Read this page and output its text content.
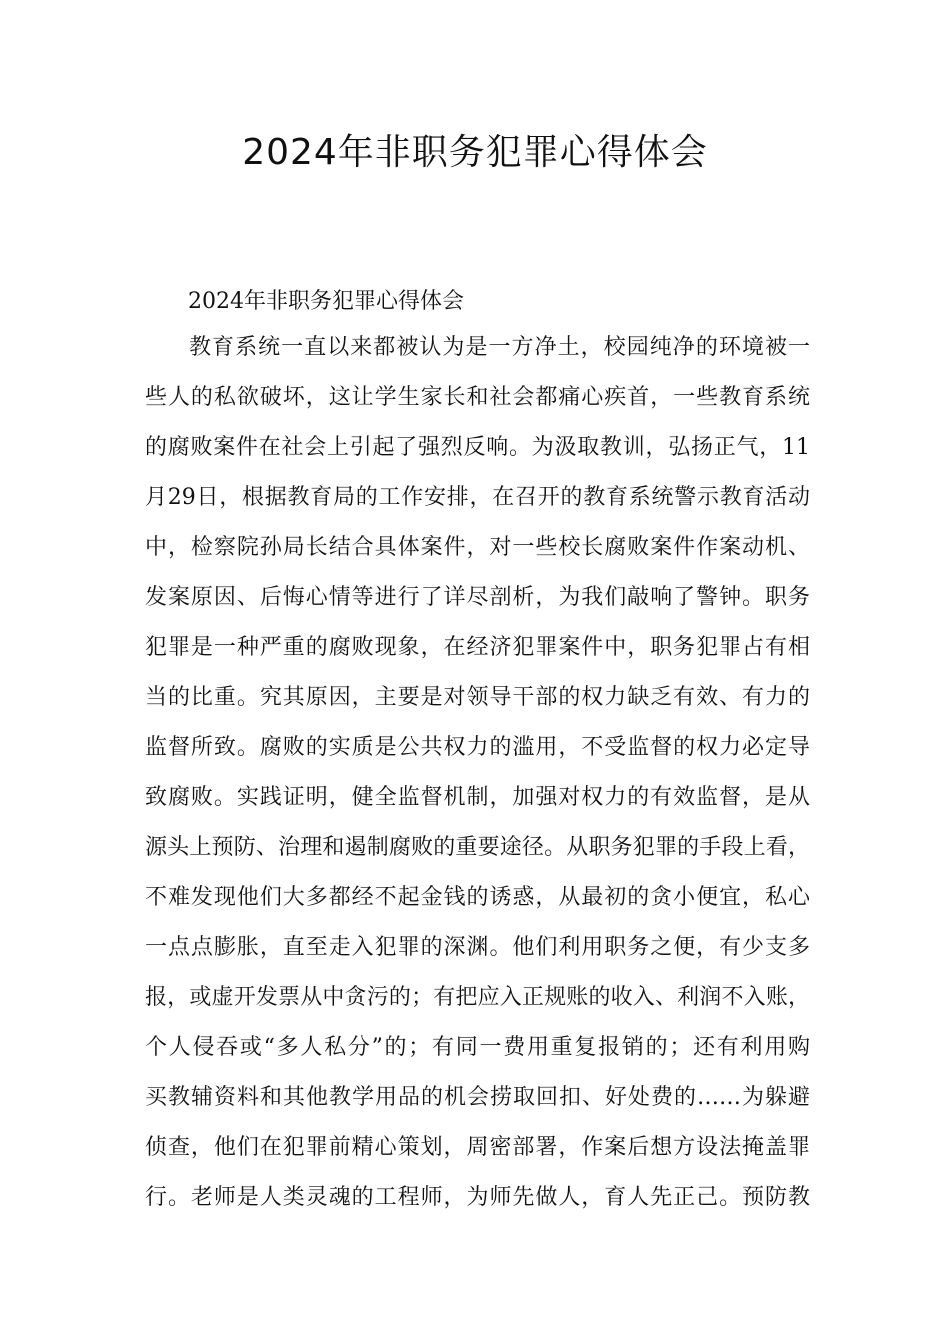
2024年非职务犯罪心得体会
2024年非职务犯罪心得体会
教育系统一直以来都被认为是一方净土，校园纯净的环境被一
些人的私欲破坏，这让学生家长和社会都痛心疾首，一些教育系统
的腐败案件在社会上引起了强烈反响。为汲取教训，弘扬正气，11
月29日，根据教育局的工作安排，在召开的教育系统警示教育活动
中，检察院孙局长结合具体案件，对一些校长腐败案件作案动机、
发案原因、后悔心情等进行了详尽剖析，为我们敲响了警钟。职务
犯罪是一种严重的腐败现象，在经济犯罪案件中，职务犯罪占有相
当的比重。究其原因，主要是对领导干部的权力缺乏有效、有力的
监督所致。腐败的实质是公共权力的滥用，不受监督的权力必定导
致腐败。实践证明，健全监督机制，加强对权力的有效监督，是从
源头上预防、治理和遏制腐败的重要途径。从职务犯罪的手段上看，
不难发现他们大多都经不起金钱的诱惑，从最初的贪小便宜，私心
一点点膨胀，直至走入犯罪的深渊。他们利用职务之便，有少支多
报，或虚开发票从中贪污的；有把应入正规账的收入、利润不入账，
个人侵吞或“多人私分”的；有同一费用重复报销的；还有利用购
买教辅资料和其他教学用品的机会捞取回扣、好处费的……为躲避
侦查，他们在犯罪前精心策划，周密部署，作案后想方设法掩盖罪
行。老师是人类灵魂的工程师，为师先做人，育人先正己。预防教
